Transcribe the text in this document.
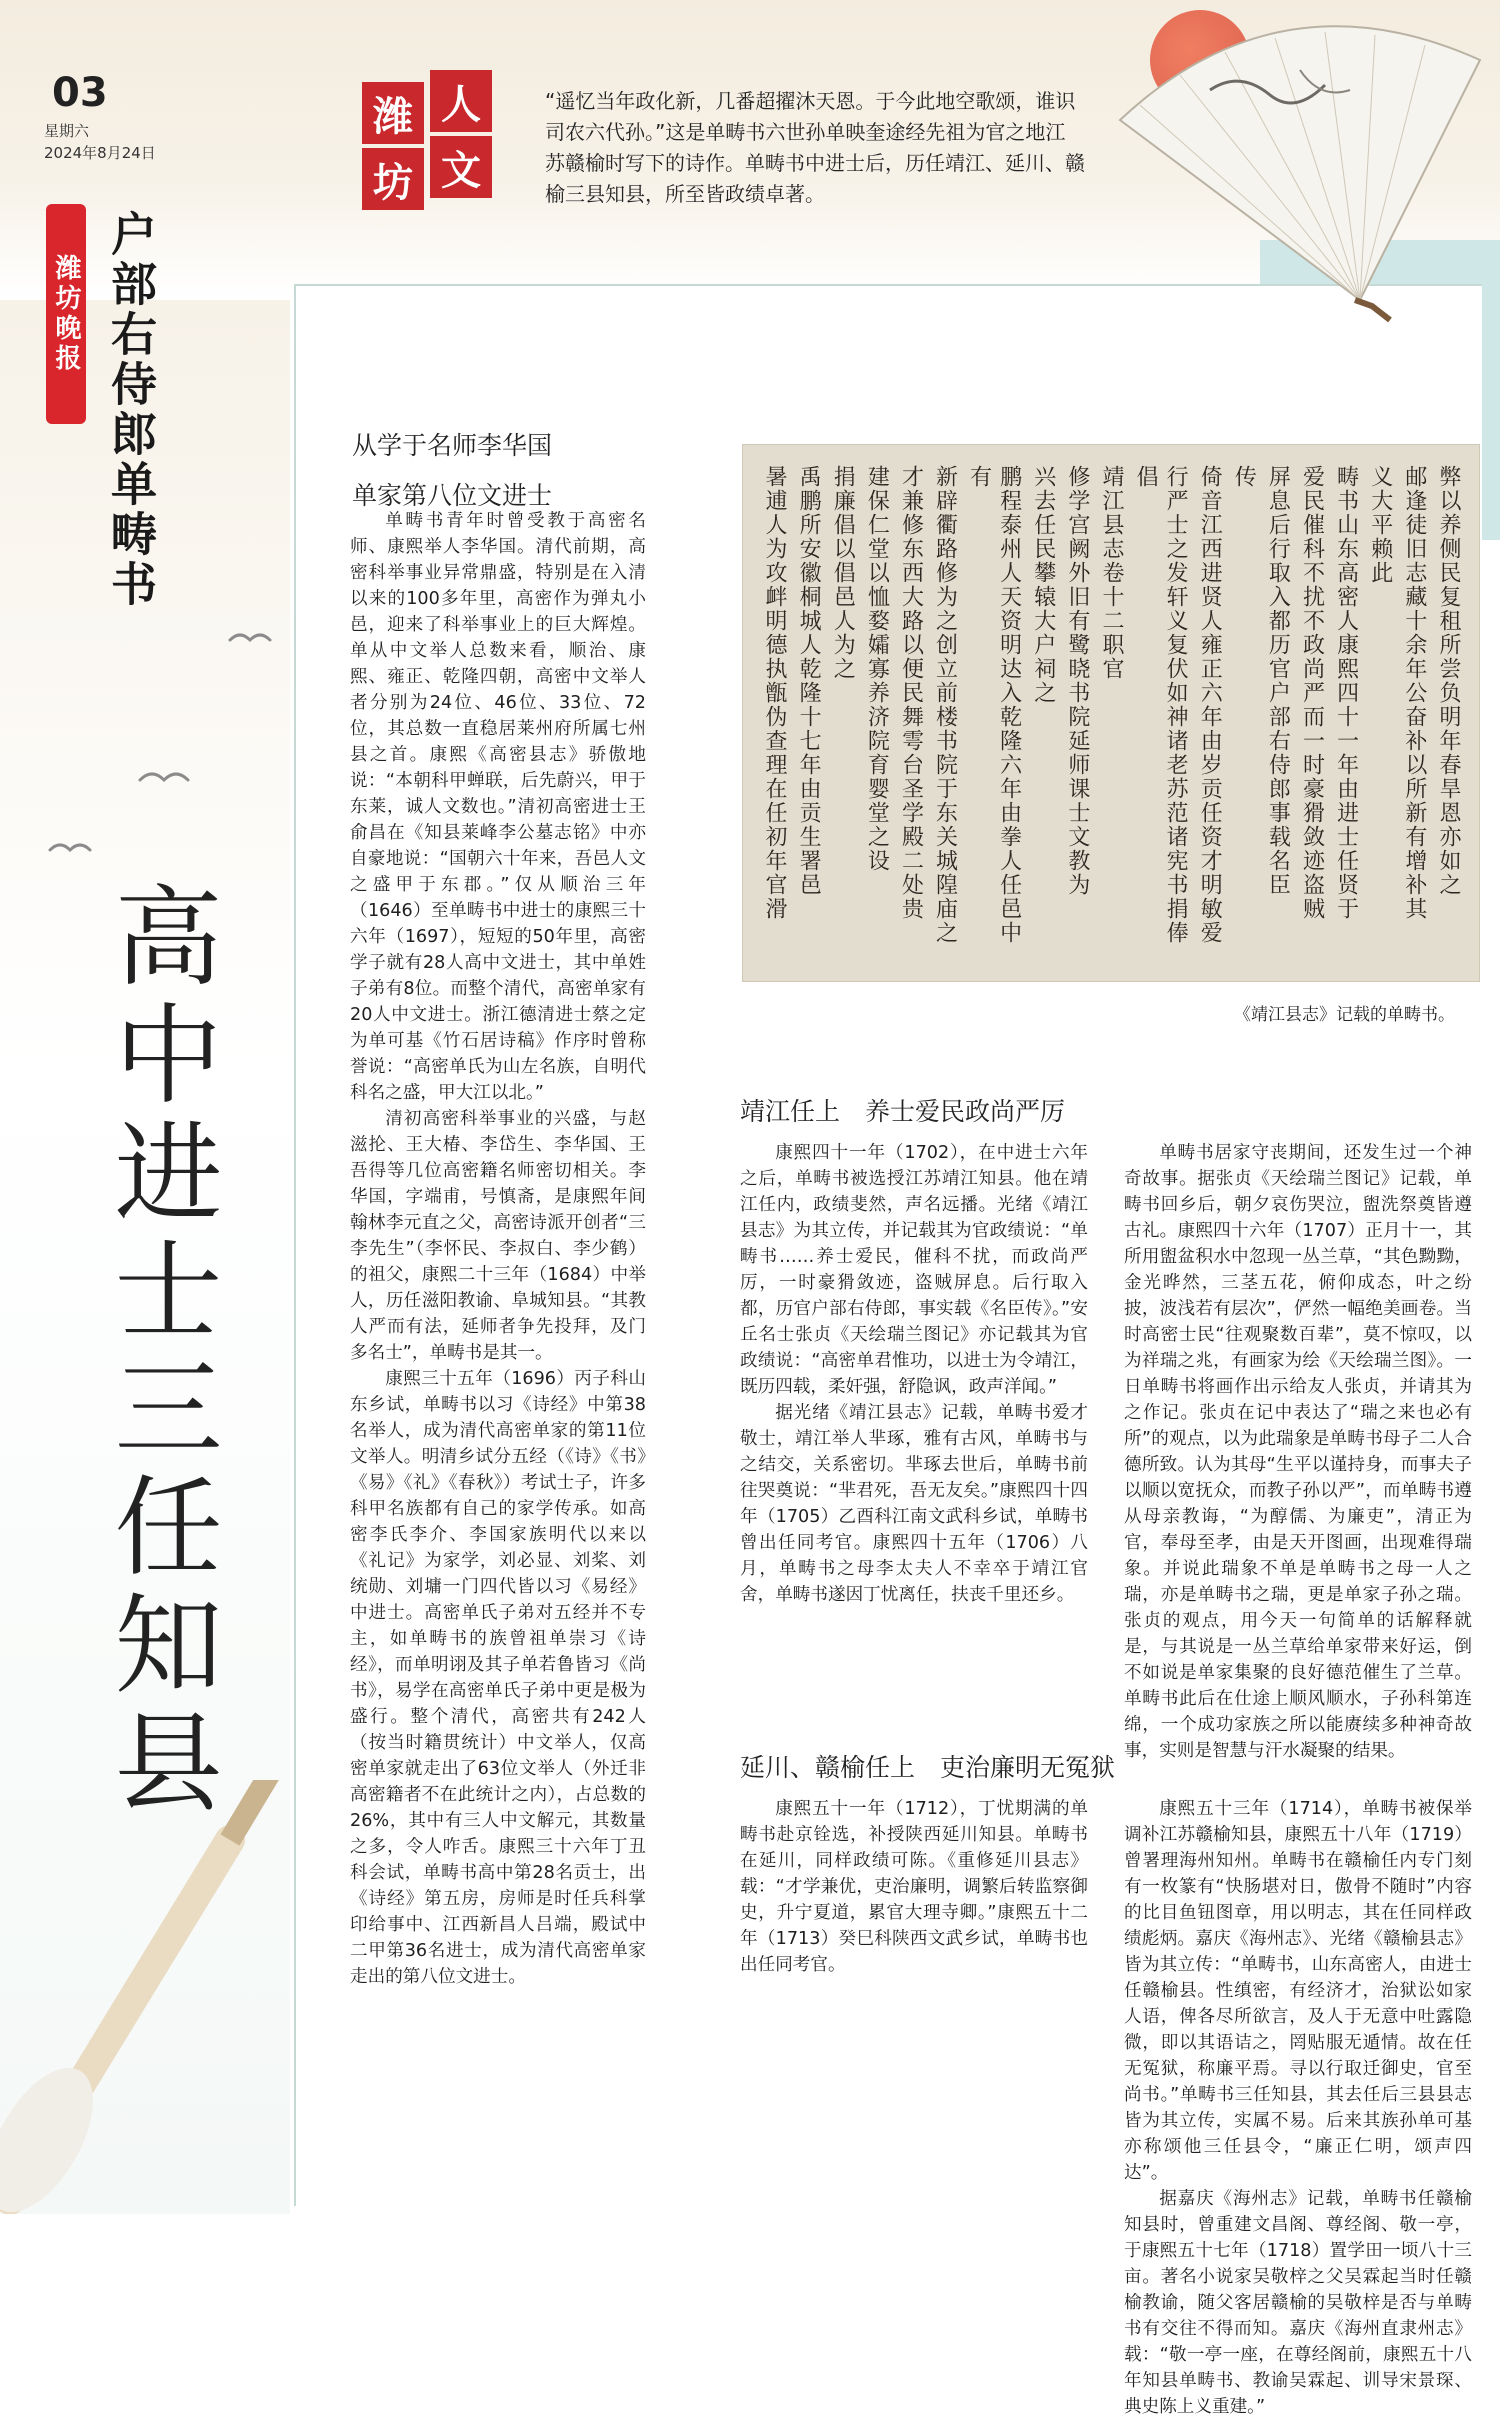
03
星期六
2024年8月24日
潍坊晚报
潍 人
坊 文
“遥忆当年政化新，几番超擢沐天恩。于今此地空歌颂，谁识司农六代孙。”这是单畴书六世孙单映奎途经先祖为官之地江苏赣榆时写下的诗作。单畴书中进士后，历任靖江、延川、赣榆三县知县，所至皆政绩卓著。
户部右侍郎单畴书
高中进士三任知县
从学于名师李华国
单家第八位文进士

单畴书青年时曾受教于高密名师、康熙举人李华国。清代前期，高密科举事业异常鼎盛，特别是在入清以来的100多年里，高密作为弹丸小邑，迎来了科举事业上的巨大辉煌。单从中文举人总数来看，顺治、康熙、雍正、乾隆四朝，高密中文举人者分别为24位、46位、33位、72位，其总数一直稳居莱州府所属七州县之首。康熙《高密县志》骄傲地说：“本朝科甲蝉联，后先蔚兴，甲于东莱，诚人文数也。”清初高密进士王俞昌在《知县莱峰李公墓志铭》中亦自豪地说：“国朝六十年来，吾邑人文之盛甲于东郡。”仅从顺治三年（1646）至单畴书中进士的康熙三十六年（1697），短短的50年里，高密学子就有28人高中文进士，其中单姓子弟有8位。而整个清代，高密单家有20人中文进士。浙江德清进士蔡之定为单可基《竹石居诗稿》作序时曾称誉说：“高密单氏为山左名族，自明代科名之盛，甲大江以北。”

清初高密科举事业的兴盛，与赵滋抡、王大椿、李岱生、李华国、王吾得等几位高密籍名师密切相关。李华国，字端甫，号慎斋，是康熙年间翰林李元直之父，高密诗派开创者“三李先生”（李怀民、李叔白、李少鹤）的祖父，康熙二十三年（1684）中举人，历任滋阳教谕、阜城知县。“其教人严而有法，延师者争先投拜，及门多名士”，单畴书是其一。

康熙三十五年（1696）丙子科山东乡试，单畴书以习《诗经》中第38名举人，成为清代高密单家的第11位文举人。明清乡试分五经（《诗》《书》《易》《礼》《春秋》）考试士子，许多科甲名族都有自己的家学传承。如高密李氏李介、李国家族明代以来以《礼记》为家学，刘必显、刘桨、刘统勋、刘墉一门四代皆以习《易经》中进士。高密单氏子弟对五经并不专主，如单畴书的族曾祖单崇习《诗经》，而单明诩及其子单若鲁皆习《尚书》，易学在高密单氏子弟中更是极为盛行。整个清代，高密共有242人（按当时籍贯统计）中文举人，仅高密单家就走出了63位文举人（外迁非高密籍者不在此统计之内），占总数的26%，其中有三人中文解元，其数量之多，令人咋舌。康熙三十六年丁丑科会试，单畴书高中第28名贡士，出《诗经》第五房，房师是时任兵科掌印给事中、江西新昌人吕端，殿试中二甲第36名进士，成为清代高密单家走出的第八位文进士。

弊以养侧民复租所尝负明年春旱恩亦如之
邮逢徒旧志藏十余年公奋补以所新有增补其
义大平赖此
畴书山东高密人康熙四十一年由进士任贤于
爱民催科不扰不政尚严而一时豪猾敛迹盗贼
屏息后行取入都历官户部右侍郎事载名臣
传
倚音江西进贤人雍正六年由岁贡任资才明敏爱
行严士之发轩义复伏如神诸老苏范诸宪书捐俸倡
靖江县志卷十二职官
修学宫阙外旧有鹭晓书院延师课士文教为
兴去任民攀辕大户祠之
鹏程泰州人天资明达入乾隆六年由拳人任邑中有
新辟衢路修为之创立前楼书院于东关城隍庙之
才兼修东西大路以便民舞雩台圣学殿二处贵
建保仁堂以恤婺孀寡养济院育婴堂之设
捐廉倡以倡邑人为之
禹鹏所安徽桐城人乾隆十七年由贡生署邑
暑逋人为攻衅明德执甑伪查理在任初年官滑
《靖江县志》记载的单畴书。
靖江任上　养士爱民政尚严厉

康熙四十一年（1702），在中进士六年之后，单畴书被选授江苏靖江知县。他在靖江任内，政绩斐然，声名远播。光绪《靖江县志》为其立传，并记载其为官政绩说：“单畴书……养士爱民，催科不扰，而政尚严厉，一时豪猾敛迹，盗贼屏息。后行取入都，历官户部右侍郎，事实载《名臣传》。”安丘名士张贞《天绘瑞兰图记》亦记载其为官政绩说：“高密单君惟功，以进士为令靖江，既历四载，柔奸强，舒隐讽，政声洋闻。”

据光绪《靖江县志》记载，单畴书爱才敬士，靖江举人芈琢，雅有古风，单畴书与之结交，关系密切。芈琢去世后，单畴书前往哭奠说：“芈君死，吾无友矣。”康熙四十四年（1705）乙酉科江南文武科乡试，单畴书曾出任同考官。康熙四十五年（1706）八月，单畴书之母李太夫人不幸卒于靖江官舍，单畴书遂因丁忧离任，扶丧千里还乡。

单畴书居家守丧期间，还发生过一个神奇故事。据张贞《天绘瑞兰图记》记载，单畴书回乡后，朝夕哀伤哭泣，盥洗祭奠皆遵古礼。康熙四十六年（1707）正月十一，其所用盥盆积水中忽现一丛兰草，“其色黝黝，金光晔然，三茎五花，俯仰成态，叶之纷披，波浅若有层次”，俨然一幅绝美画卷。当时高密士民“往观聚数百辈”，莫不惊叹，以为祥瑞之兆，有画家为绘《天绘瑞兰图》。一日单畴书将画作出示给友人张贞，并请其为之作记。张贞在记中表达了“瑞之来也必有所”的观点，以为此瑞象是单畴书母子二人合德所致。认为其母“生平以谨持身，而事夫子以顺以宽抚众，而教子孙以严”，而单畴书遵从母亲教诲，“为醇儒、为廉吏”，清正为官，奉母至孝，由是天开图画，出现难得瑞象。并说此瑞象不单是单畴书之母一人之瑞，亦是单畴书之瑞，更是单家子孙之瑞。张贞的观点，用今天一句简单的话解释就是，与其说是一丛兰草给单家带来好运，倒不如说是单家集聚的良好德范催生了兰草。单畴书此后在仕途上顺风顺水，子孙科第连绵，一个成功家族之所以能赓续多种神奇故事，实则是智慧与汗水凝聚的结果。

延川、赣榆任上　吏治廉明无冤狱

康熙五十一年（1712），丁忧期满的单畴书赴京铨选，补授陕西延川知县。单畴书在延川，同样政绩可陈。《重修延川县志》载：“才学兼优，吏治廉明，调繁后转监察御史，升宁夏道，累官大理寺卿。”康熙五十二年（1713）癸巳科陕西文武乡试，单畴书也出任同考官。

康熙五十三年（1714），单畴书被保举调补江苏赣榆知县，康熙五十八年（1719）曾署理海州知州。单畴书在赣榆任内专门刻有一枚篆有“快肠堪对日，傲骨不随时”内容的比目鱼钮图章，用以明志，其在任同样政绩彪炳。嘉庆《海州志》、光绪《赣榆县志》皆为其立传：“单畴书，山东高密人，由进士任赣榆县。性缜密，有经济才，治狱讼如家人语，俾各尽所欲言，及人于无意中吐露隐微，即以其语诘之，罔贴服无遁情。故在任无冤狱，称廉平焉。寻以行取迁御史，官至尚书。”单畴书三任知县，其去任后三县县志皆为其立传，实属不易。后来其族孙单可基亦称颂他三任县令，“廉正仁明，颂声四达”。

据嘉庆《海州志》记载，单畴书任赣榆知县时，曾重建文昌阁、尊经阁、敬一亭，于康熙五十七年（1718）置学田一顷八十三亩。著名小说家吴敬梓之父吴霖起当时任赣榆教谕，随父客居赣榆的吴敬梓是否与单畴书有交往不得而知。嘉庆《海州直隶州志》载：“敬一亭一座，在尊经阁前，康熙五十八年知县单畴书、教谕吴霖起、训导宋景琛、典史陈上义重建。”
